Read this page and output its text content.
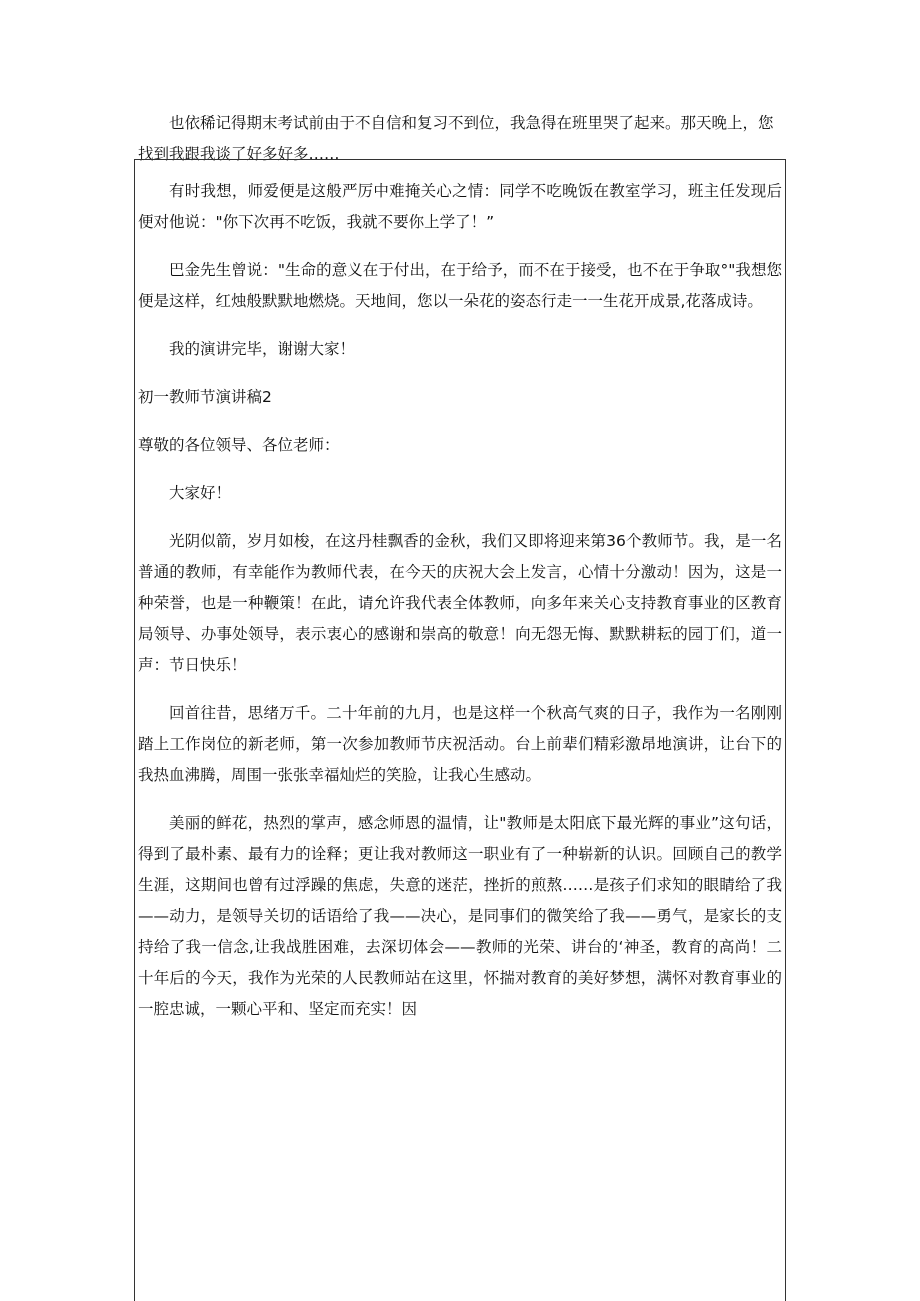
也依稀记得期末考试前由于不自信和复习不到位，我急得在班里哭了起来。那天晚上，您找到我跟我谈了好多好多……

有时我想，师爱便是这般严厉中难掩关心之情：同学不吃晚饭在教室学习，班主任发现后便对他说："你下次再不吃饭，我就不要你上学了！”

巴金先生曾说："生命的意义在于付出，在于给予，而不在于接受，也不在于争取°"我想您便是这样，红烛般默默地燃烧。天地间，您以一朵花的姿态行走一一生花开成景,花落成诗。

我的演讲完毕，谢谢大家！

初一教师节演讲稿2

尊敬的各位领导、各位老师：

大家好！

光阴似箭，岁月如梭，在这丹桂飘香的金秋，我们又即将迎来第36个教师节。我，是一名普通的教师，有幸能作为教师代表，在今天的庆祝大会上发言，心情十分激动！因为，这是一种荣誉，也是一种鞭策！在此，请允许我代表全体教师，向多年来关心支持教育事业的区教育局领导、办事处领导，表示衷心的感谢和崇高的敬意！向无怨无悔、默默耕耘的园丁们，道一声：节日快乐！

回首往昔，思绪万千。二十年前的九月，也是这样一个秋高气爽的日子，我作为一名刚刚踏上工作岗位的新老师，第一次参加教师节庆祝活动。台上前辈们精彩激昂地演讲，让台下的我热血沸腾，周围一张张幸福灿烂的笑脸，让我心生感动。

美丽的鲜花，热烈的掌声，感念师恩的温情，让"教师是太阳底下最光辉的事业”这句话，得到了最朴素、最有力的诠释；更让我对教师这一职业有了一种崭新的认识。回顾自己的教学生涯，这期间也曾有过浮躁的焦虑，失意的迷茫，挫折的煎熬……是孩子们求知的眼睛给了我——动力，是领导关切的话语给了我——决心，是同事们的微笑给了我——勇气，是家长的支持给了我一信念,让我战胜困难，去深切体会——教师的光荣、讲台的‘神圣，教育的高尚！二十年后的今天，我作为光荣的人民教师站在这里，怀揣对教育的美好梦想，满怀对教育事业的一腔忠诚，一颗心平和、坚定而充实！因
